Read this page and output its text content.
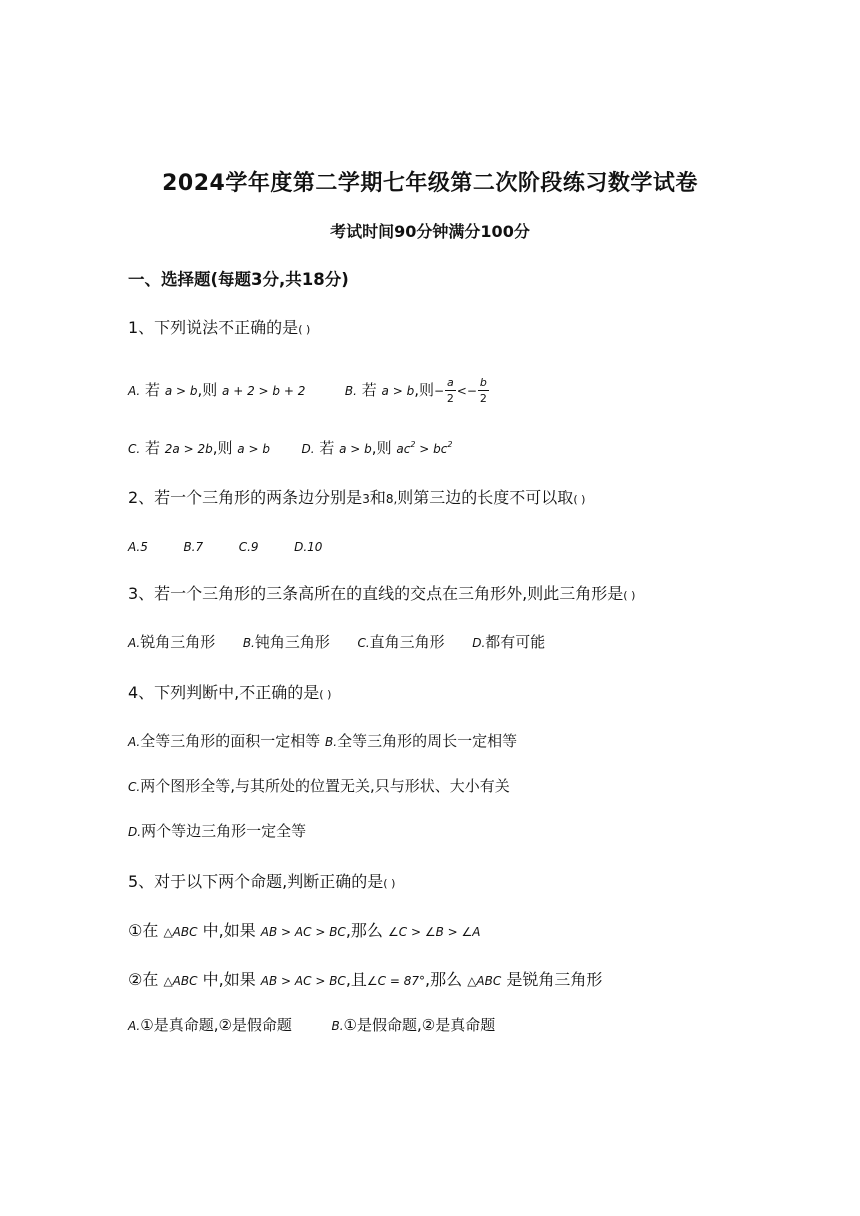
2024学年度第二学期七年级第二次阶段练习数学试卷
考试时间90分钟满分100分
一、选择题(每题3分,共18分)
1、下列说法不正确的是( )
A. 若 a > b,则 a + 2 > b + 2	B. 若 a > b,则− $\frac{a}{2} <- \frac{b}{2}$
C. 若 2a > 2b,则 a > b	D. 若 a > b,则 $ac^2 > bc^2$
2、若一个三角形的两条边分别是3和8,则第三边的长度不可以取( )
A.5	B.7	C.9	D.10
3、若一个三角形的三条高所在的直线的交点在三角形外,则此三角形是( )
A.锐角三角形 B.钝角三角形 C.直角三角形 D.都有可能
4、下列判断中,不正确的是( )
A.全等三角形的面积一定相等 B.全等三角形的周长一定相等
C.两个图形全等,与其所处的位置无关,只与形状、大小有关
D.两个等边三角形一定全等
5、对于以下两个命题,判断正确的是( )
①在 △ABC 中,如果 AB > AC > BC,那么 ∠C > ∠B > ∠A
②在 △ABC 中,如果 AB > AC > BC,且∠C = 87°,那么 △ABC 是锐角三角形
A.①是真命题,②是假命题	B.①是假命题,②是真命题
